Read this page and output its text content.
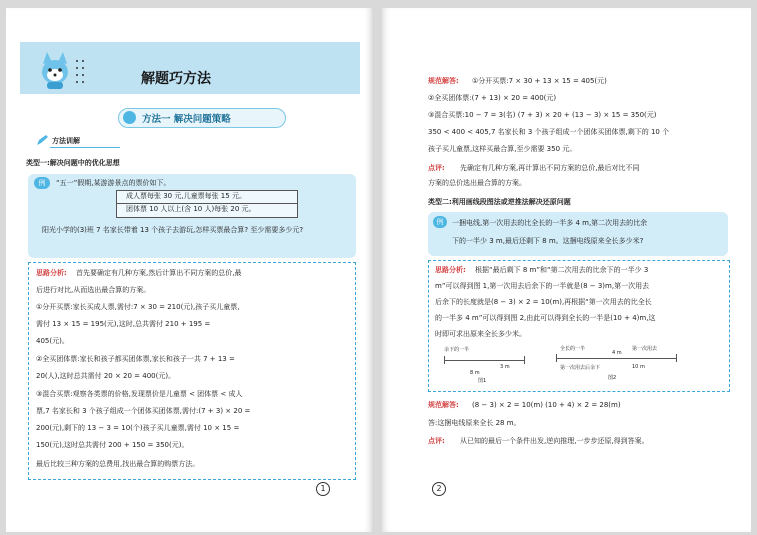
解题巧方法
方法一 解决问题策略
方法训解
类型一:解决问题中的优化思想
例	“五一”假期,某游游景点的票价如下。
成人票每张 30 元,儿童票每张 15 元。
团体票 10 人以上(含 10 人)每张 20 元。
阳光小学的(3)班 7 名家长带着 13 个孩子去游玩,怎样买票最合算? 至少需要多少元?
思路分析: 首先要确定有几种方案,然后计算出不同方案的总价,最
后进行对比,从而选出最合算的方案。
①分开买票:家长买成人票,需付:7 × 30 = 210(元),孩子买儿童票,
需付 13 × 15 = 195(元),这时,总共需付 210 + 195 =
405(元)。
②全买团体票:家长和孩子都买团体票,家长和孩子一共 7 + 13 =
20(人),这时总共需付 20 × 20 = 400(元)。
③混合买票:观察各类票的价格,发现票价是儿童票 < 团体票 < 成人
票,7 名家长和 3 个孩子组成一个团体买团体票,需付:(7 + 3) × 20 =
200(元),剩下的 13 − 3 = 10(个)孩子买儿童票,需付 10 × 15 =
150(元),这时总共需付 200 + 150 = 350(元)。
最后比较三种方案的总费用,找出最合算的购票方法。
1
规范解答: ①分开买票:7 × 30 + 13 × 15 = 405(元)
②全买团体票:(7 + 13) × 20 = 400(元)
③混合买票:10 − 7 = 3(名) (7 + 3) × 20 + (13 − 3) × 15 = 350(元)
350 < 400 < 405,7 名家长和 3 个孩子组成一个团体买团体票,剩下的 10 个
孩子买儿童票,这样买最合算,至少需要 350 元。
点评: 先确定有几种方案,再计算出不同方案的总价,最后对比不同
方案的总价选出最合算的方案。
类型二:利用画线段图法或逆推法解决还原问题
例	一捆电线,第一次用去的比全长的一半多 4 m,第二次用去的比余
下的一半少 3 m,最后还剩下 8 m。这捆电线原来全长多少米?
思路分析: 根据“最后剩下 8 m”和“第二次用去的比余下的一半少 3
m”可以得到图 1,第一次用去后余下的一半就是(8 − 3)m,第一次用去
后余下的长度就是(8 − 3) × 2 = 10(m),再根据“第一次用去的比全长
的一半多 4 m”可以得到图 2,由此可以得到全长的一半是(10 + 4)m,这
时即可求出原来全长多少米。
余下的一半
3 m
8 m
图1
全长的一半
4 m
第一次用去
第一次用去后余下	10 m
图2
规范解答: (8 − 3) × 2 = 10(m) (10 + 4) × 2 = 28(m)
答:这捆电线原来全长 28 m。
点评: 从已知的最后一个条件出发,逆向推理,一步步还原,得到答案。
2
